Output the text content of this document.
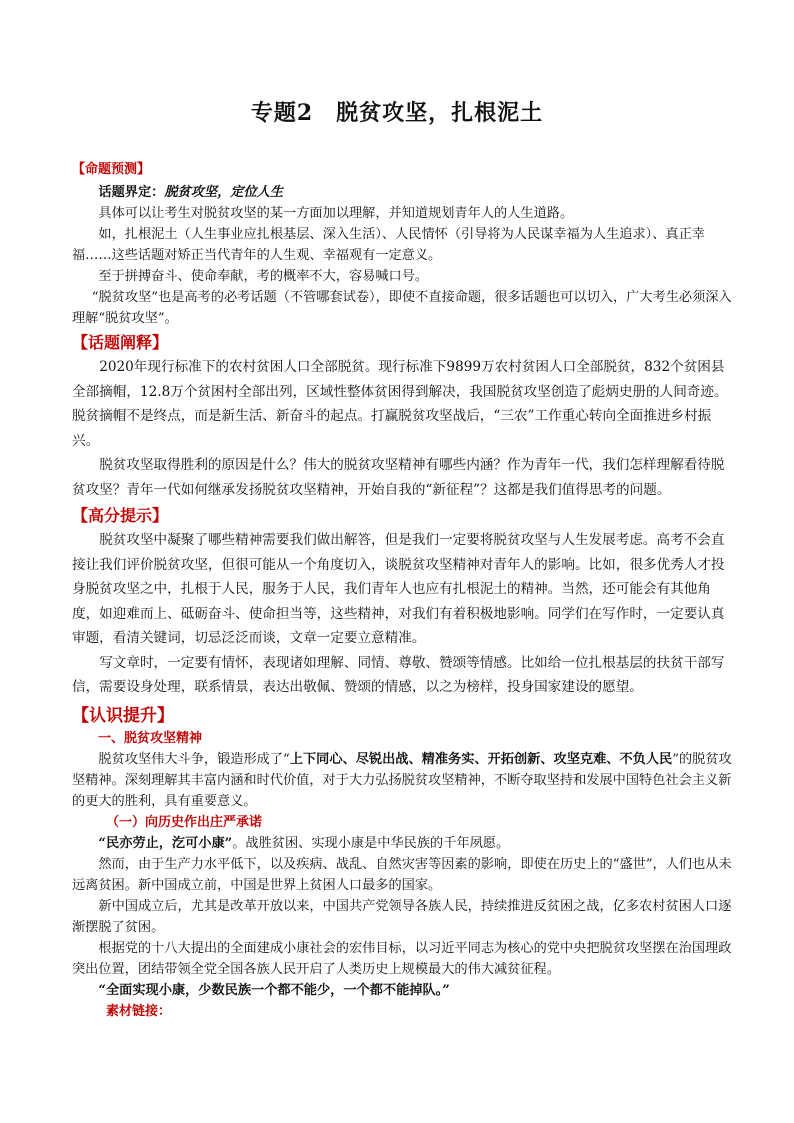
专题2　脱贫攻坚，扎根泥土
【命题预测】

话题界定：脱贫攻坚，定位人生

具体可以让考生对脱贫攻坚的某一方面加以理解，并知道规划青年人的人生道路。

如，扎根泥土（人生事业应扎根基层、深入生活）、人民情怀（引导将为人民谋幸福为人生追求）、真正幸福……这些话题对矫正当代青年的人生观、幸福观有一定意义。

至于拼搏奋斗、使命奉献，考的概率不大，容易喊口号。

“脱贫攻坚”也是高考的必考话题（不管哪套试卷），即使不直接命题，很多话题也可以切入，广大考生必须深入理解“脱贫攻坚”。

【话题阐释】

2020年现行标准下的农村贫困人口全部脱贫。现行标准下9899万农村贫困人口全部脱贫，832个贫困县全部摘帽，12.8万个贫困村全部出列，区域性整体贫困得到解决，我国脱贫攻坚创造了彪炳史册的人间奇迹。脱贫摘帽不是终点，而是新生活、新奋斗的起点。打赢脱贫攻坚战后，“三农”工作重心转向全面推进乡村振兴。

脱贫攻坚取得胜利的原因是什么？伟大的脱贫攻坚精神有哪些内涵？作为青年一代，我们怎样理解看待脱贫攻坚？青年一代如何继承发扬脱贫攻坚精神，开始自我的“新征程”？这都是我们值得思考的问题。

【高分提示】

脱贫攻坚中凝聚了哪些精神需要我们做出解答，但是我们一定要将脱贫攻坚与人生发展考虑。高考不会直接让我们评价脱贫攻坚，但很可能从一个角度切入，谈脱贫攻坚精神对青年人的影响。比如，很多优秀人才投身脱贫攻坚之中，扎根于人民，服务于人民，我们青年人也应有扎根泥土的精神。当然，还可能会有其他角度，如迎难而上、砥砺奋斗、使命担当等，这些精神，对我们有着积极地影响。同学们在写作时，一定要认真审题，看清关键词，切忌泛泛而谈，文章一定要立意精准。

写文章时，一定要有情怀，表现诸如理解、同情、尊敬、赞颂等情感。比如给一位扎根基层的扶贫干部写信，需要设身处理，联系情景，表达出敬佩、赞颂的情感，以之为榜样，投身国家建设的愿望。

【认识提升】
一、脱贫攻坚精神

脱贫攻坚伟大斗争，锻造形成了“上下同心、尽锐出战、精准务实、开拓创新、攻坚克难、不负人民”的脱贫攻坚精神。深刻理解其丰富内涵和时代价值，对于大力弘扬脱贫攻坚精神，不断夺取坚持和发展中国特色社会主义新的更大的胜利，具有重要意义。

（一）向历史作出庄严承诺

“民亦劳止，汔可小康”。战胜贫困、实现小康是中华民族的千年夙愿。

然而，由于生产力水平低下，以及疾病、战乱、自然灾害等因素的影响，即使在历史上的“盛世”，人们也从未远离贫困。新中国成立前，中国是世界上贫困人口最多的国家。

新中国成立后，尤其是改革开放以来，中国共产党领导各族人民，持续推进反贫困之战，亿多农村贫困人口逐渐摆脱了贫困。

根据党的十八大提出的全面建成小康社会的宏伟目标，以习近平同志为核心的党中央把脱贫攻坚摆在治国理政突出位置，团结带领全党全国各族人民开启了人类历史上规模最大的伟大减贫征程。

“全面实现小康，少数民族一个都不能少，一个都不能掉队。”

素材链接：
